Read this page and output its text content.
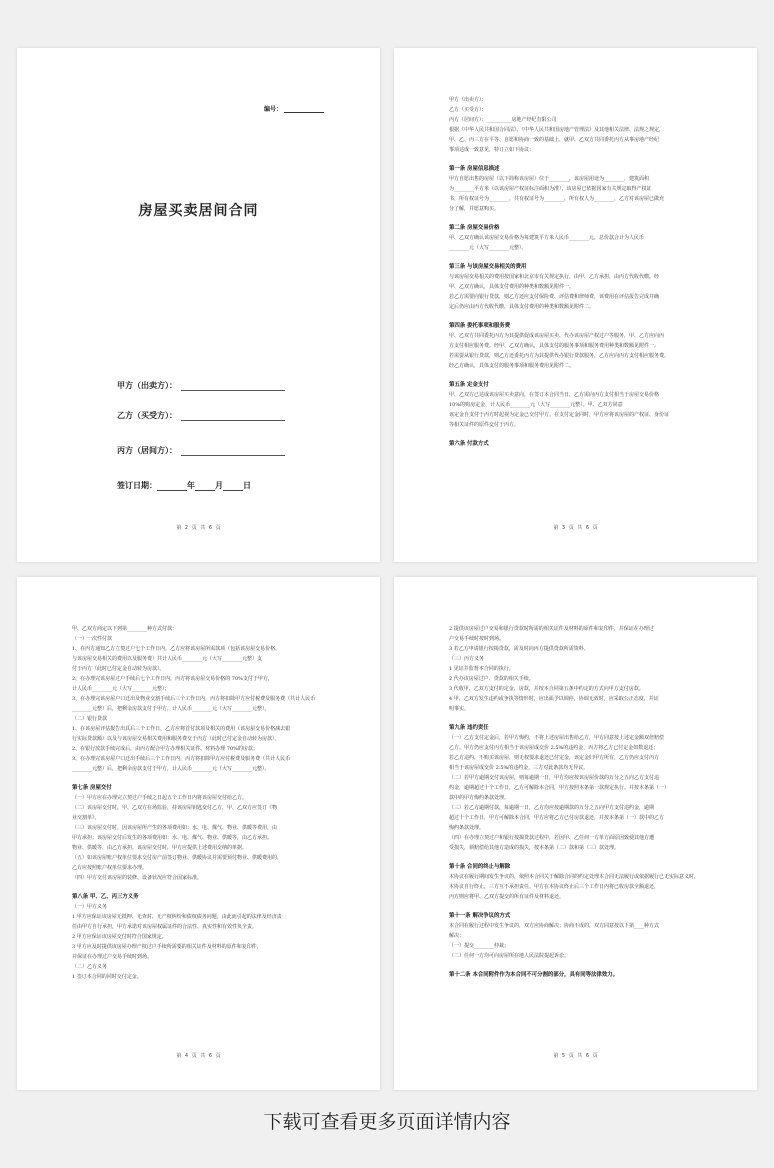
编号：
房屋买卖居间合同
甲方（出卖方）：
乙方（买受方）：
丙方（居间方）：
签订日期：	年	月	日
第 2 页 共 6 页
甲方（出卖方）：
乙方（买受方）：
丙方（居间方）：__________房地产经纪有限公司
根据《中华人民共和国合同法》、《中华人民共和国房地产管理法》及其他相关法律、法规之规定，
甲、乙、丙三方在平等、自愿和协商一致的基础上，就甲、乙双方共同委托丙方从事房地产经纪
事项达成一致意见，特订立如下协议：
第一条 房屋信息描述
甲方自愿出售的房屋（以下简称该房屋）位于________，该房屋用途为________，建筑面积
为________平方米（以该房屋产权证标注面积为准），该房屋已依据国家有关规定取得产权证
书，所有权证号为________，共有权证号为________，所有权人为________，乙方对该房屋已做充
分了解，并愿意购买。
第二条 房屋交易价格
甲、乙双方确认该房屋交易价格为每建筑平方米人民币________元，总价款合计为人民币
________元（大写________元整）。
第三条 与该房屋交易相关的费用
与该房屋交易相关的费用按国家和北京市有关规定执行，由甲、乙方承担，由丙方代收代缴。经
甲、乙双方确认，具体支付费用的种类和数额见附件一。
若乙方需要向银行贷款，则乙方还应支付保险费、评估费和律师费，该费用在评估报告完成并确
定后仍应由丙方代收代缴，具体支付费用的种类和数额见附件二。
第四条 委托事项和服务费
甲、乙双方共同委托丙方为其提供促成该房屋买卖、代办该房屋产权过户等服务，甲、乙方应向丙
方支付相应服务费。经甲、乙双方确认，具体支付的服务事项和服务费用种类和数额见附件一。
若需要从银行贷款，则乙方还委托丙方为其提供代办银行贷款服务，乙方应向丙方支付相应服务费。
经乙方确认，具体支付的服务事项和服务费用见附件二。
第五条 定金支付
甲、乙双方已达成该房屋买卖意向，在签订本合同当日，乙方需向丙方支付相当于房屋交易价格
10%的购房定金，计人民币________元（大写________元整）。甲、乙双方同意
该定金自支付于丙方时起视为定金已交付甲方。在支付定金同时，甲方应将该房屋的产权证、身份证
等相关证件的原件交付于丙方。
第六条 付款方式
第 3 页 共 6 页
甲、乙双方商定以下列第________种方式付款：
（一）一次性付款
1、在丙方通知乙方立契过户七个工作日内，乙方应将该房屋所需款项（包括该房屋交易价格、
与该房屋交易相关的费用以及服务费）共计人民币________元（大写________元整）支
付于丙方（此时已付定金自动转为房款）。
2、在办理完该房屋过户手续后七个工作日内，丙方将该房屋交易价格的 70%支付于甲方，
计人民币________元（大写________元整）；
3、在办理完该房屋户口迁出及物业交割手续后三个工作日内，丙方将扣除甲方应付税费及服务费（共计人民币
________元整）后，把剩余房款支付于甲方，计人民币________元（大写________元整）。
（二）银行贷款
1、在该房屋评估报告出具后三个工作日，乙方应将首付款项及相关的费用（该房屋交易价格减去银
行实际贷款额）以及与该房屋交易相关费用和服务费交于丙方（此时已付定金自动转为房款）。
2、在银行放款手续完成后，由丙方配合甲方办理相关证件、材料办理 70%的房款；
3、在办理完该房屋户口迁出手续后三个工作日内，丙方将扣除甲方应付税费及服务费（共计人民币
________元整）后，把剩余房款支付于甲方，计人民币________元（大写________元整）。
第七条 房屋交付
（一）甲方应在办理完立契过户手续之日起五个工作日内将该房屋交付给乙方。
（二）该房屋交付时，甲、乙双方在场监验，持该房屋钥匙交付乙方，甲、乙双方应签订《物
业交割单》。
（三）该房屋交付时，因该房屋所产生的各项费用如：水、电、煤气、物业、供暖等费用，由
甲方承担；该房屋交付后发生的各项费用如：水、电、煤气、物业、供暖等，由乙方承担。
物业、供暖等，由乙方承担。该房屋交付时，甲方应提供上述费用交纳的单据。
（五）如该房屋账户权单位要求交付房产前签订物业、供暖协议并需要预付物业、供暖费用的，
乙方应按照账户权单位要求办理。
（四）甲方交付该房屋的装修、设备状况应符合国家标准。
第八条 甲、乙、丙三方义务
（一）甲方义务
1 甲方应保证该房屋无抵押、无查封、无产权纠纷和债权债务问题，由此而引起的法律及经济责
任由甲方自行承担，甲方承诺对该房屋权属证件的合法性、真实性和有效性负全责。
2 甲方应保证该房屋交付时符合国家规定。
3 甲方应及时提供该房屋办理产权过户手续所需要的相关证件及材料的原件和复印件，
并保证在办理过户交易手续时到场。
（二）乙方义务
1 签订本合同的同时交付定金。
第 4 页 共 6 页
2 提供该房屋过户交易和银行贷款时所需的相关证件及材料的原件和复印件，并保证在办理过
户交易手续时按时到场。
3 若乙方申请银行按揭贷款，需及时向丙方提供贷款所需资料。
（三）丙方义务
1 见证并监督本合同的执行。
2 代办该房屋过户、贷款的相关手续。
3 代收甲、乙双方支付的定金、房款，并按本合同第五条中约定的方式向甲方支付房款。
4 甲、乙双方发生违约或争执等情形时，应出面予以调停，协调无效时，应采取公正态度，并证
明事实。
第九条 违约责任
（一）乙方支付定金后，若甲方悔约，不将上述房屋出售给乙方，甲方同意按上述定金额双倍赔偿
乙方。甲方仍应支付丙方相当于该房屋成交价 2.5%的违约金，丙方将乙方已付定金如数退还；
若乙方违约，不购买该房屋，则无权要求退还已付定金，该定金归甲方所有，乙方仍应支付丙方
相当于该房屋成交价 2.5%的违约金，三方对此条款均无异议。
（二）若甲方逾期交付该房屋，则每逾期一日，甲方均应按该房屋价款的万分之五向乙方支付违
约金，逾期超过十个工作日，乙方可解除本合同，甲方按照本条第一款规定执行。并按本条第（一）
款中的甲方悔约条款处理。
（三）若乙方逾期付款，每逾期一日，乙方均应按逾期款的万分之五向甲方支付违约金，逾期
超过十个工作日，甲方可解除本合同，甲方应将乙方已付房款退还，并按本条第（一）款中的乙方
悔约条款处理。
（四）在办理立契过户和银行按揭贷款过程中，若因甲、乙任何一方单方面原因致使其他方遭
受损失，须赔偿给其他方造成的损失，按本条第（二）款和第（三）款处理。
第十条 合同的终止与解除
本协议在履行期间发生争议的，依照本合同关于解除合同的约定处理本合同无法履行或依据履行已无实际意义时，
本协议自行终止，三方互不承担责任。甲方在本协议终止后三个工作日内将已收房款全额退还，
丙方则应将甲、乙双方提交的所有证件及材料退还。
第十一条 解决争议的方式
本合同在履行过程中发生争议的，双方应协商解决；协商不成的，双方同意按以下第____种方式
解决：
（一）提交________仲裁；
（二）任何一方均可向房屋所在地人民法院提起诉讼。
第十二条 本合同附件作为本合同不可分割的部分，具有同等法律效力。
第 5 页 共 6 页
下载可查看更多页面详情内容
